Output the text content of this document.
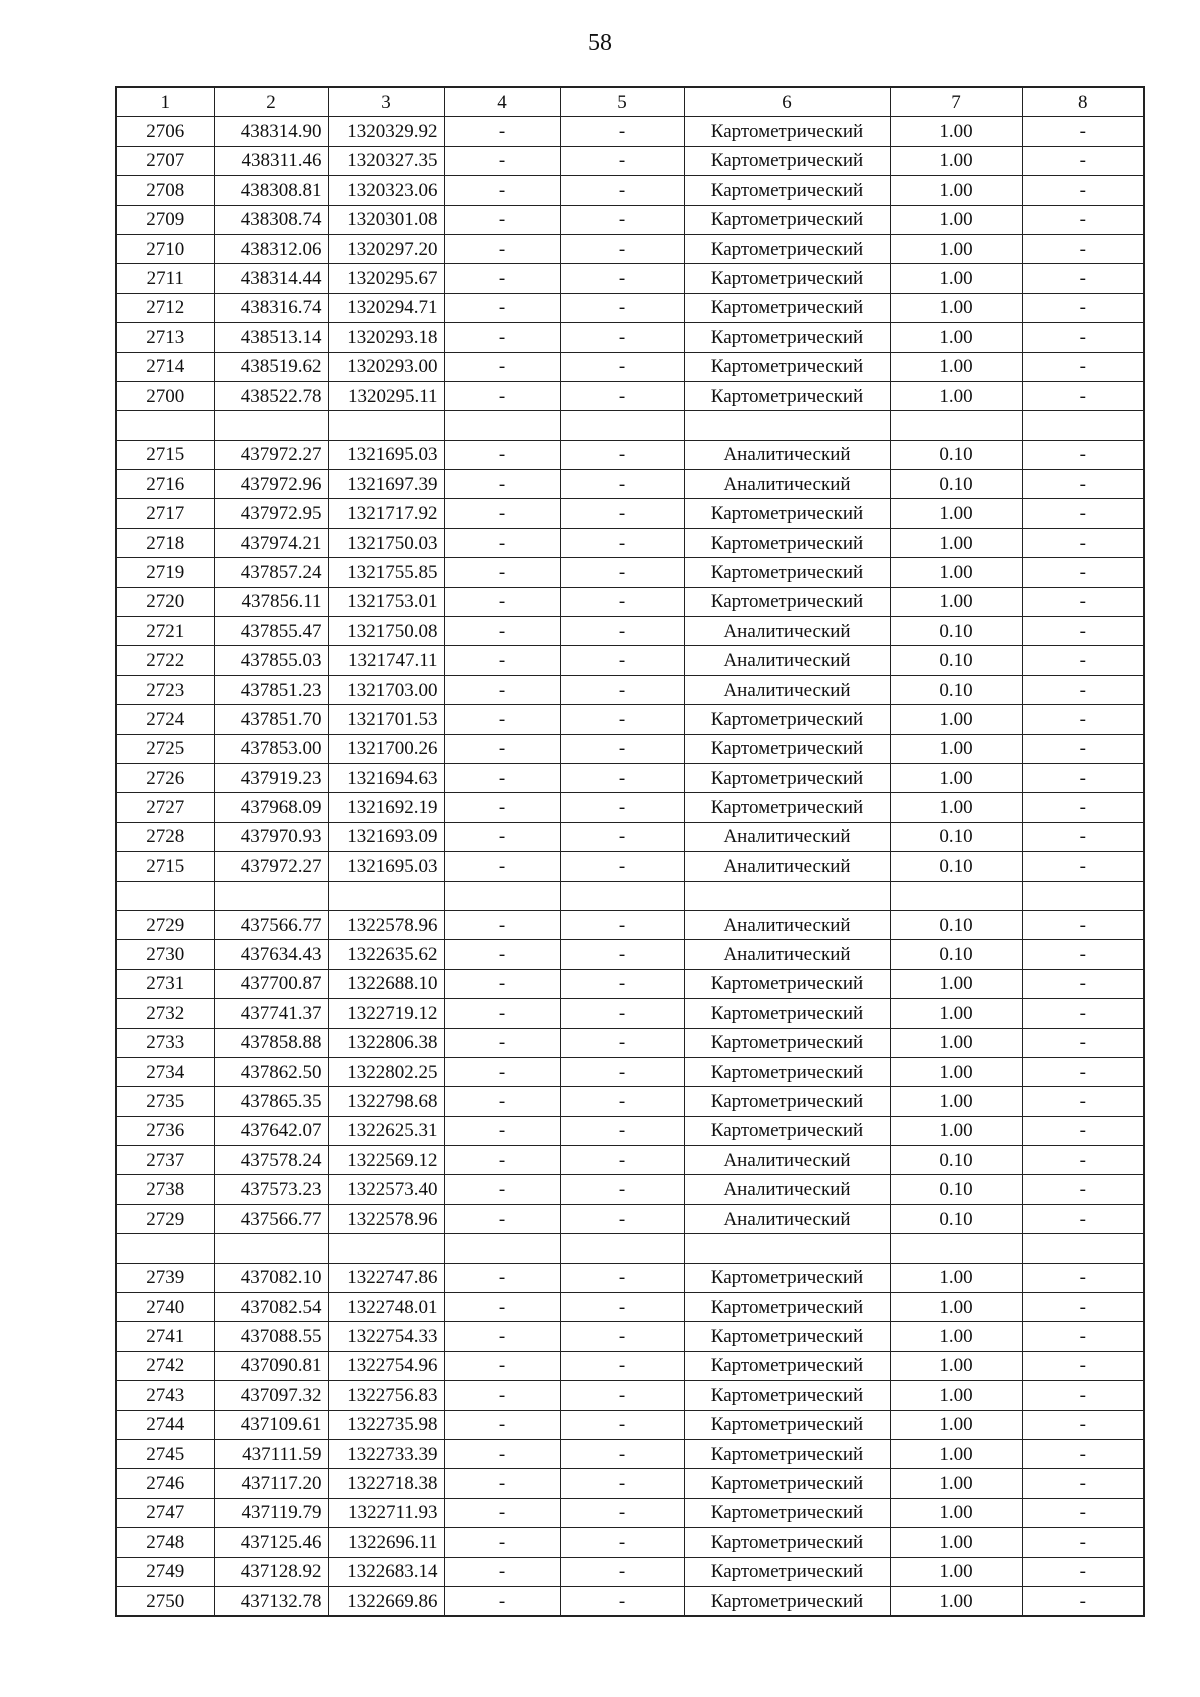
58
1	2	3	4	5	6	7	8
2706	438314.90	1320329.92	-	-	Картометрический	1.00	-
2707	438311.46	1320327.35	-	-	Картометрический	1.00	-
2708	438308.81	1320323.06	-	-	Картометрический	1.00	-
2709	438308.74	1320301.08	-	-	Картометрический	1.00	-
2710	438312.06	1320297.20	-	-	Картометрический	1.00	-
2711	438314.44	1320295.67	-	-	Картометрический	1.00	-
2712	438316.74	1320294.71	-	-	Картометрический	1.00	-
2713	438513.14	1320293.18	-	-	Картометрический	1.00	-
2714	438519.62	1320293.00	-	-	Картометрический	1.00	-
2700	438522.78	1320295.11	-	-	Картометрический	1.00	-

2715	437972.27	1321695.03	-	-	Аналитический	0.10	-
2716	437972.96	1321697.39	-	-	Аналитический	0.10	-
2717	437972.95	1321717.92	-	-	Картометрический	1.00	-
2718	437974.21	1321750.03	-	-	Картометрический	1.00	-
2719	437857.24	1321755.85	-	-	Картометрический	1.00	-
2720	437856.11	1321753.01	-	-	Картометрический	1.00	-
2721	437855.47	1321750.08	-	-	Аналитический	0.10	-
2722	437855.03	1321747.11	-	-	Аналитический	0.10	-
2723	437851.23	1321703.00	-	-	Аналитический	0.10	-
2724	437851.70	1321701.53	-	-	Картометрический	1.00	-
2725	437853.00	1321700.26	-	-	Картометрический	1.00	-
2726	437919.23	1321694.63	-	-	Картометрический	1.00	-
2727	437968.09	1321692.19	-	-	Картометрический	1.00	-
2728	437970.93	1321693.09	-	-	Аналитический	0.10	-
2715	437972.27	1321695.03	-	-	Аналитический	0.10	-

2729	437566.77	1322578.96	-	-	Аналитический	0.10	-
2730	437634.43	1322635.62	-	-	Аналитический	0.10	-
2731	437700.87	1322688.10	-	-	Картометрический	1.00	-
2732	437741.37	1322719.12	-	-	Картометрический	1.00	-
2733	437858.88	1322806.38	-	-	Картометрический	1.00	-
2734	437862.50	1322802.25	-	-	Картометрический	1.00	-
2735	437865.35	1322798.68	-	-	Картометрический	1.00	-
2736	437642.07	1322625.31	-	-	Картометрический	1.00	-
2737	437578.24	1322569.12	-	-	Аналитический	0.10	-
2738	437573.23	1322573.40	-	-	Аналитический	0.10	-
2729	437566.77	1322578.96	-	-	Аналитический	0.10	-

2739	437082.10	1322747.86	-	-	Картометрический	1.00	-
2740	437082.54	1322748.01	-	-	Картометрический	1.00	-
2741	437088.55	1322754.33	-	-	Картометрический	1.00	-
2742	437090.81	1322754.96	-	-	Картометрический	1.00	-
2743	437097.32	1322756.83	-	-	Картометрический	1.00	-
2744	437109.61	1322735.98	-	-	Картометрический	1.00	-
2745	437111.59	1322733.39	-	-	Картометрический	1.00	-
2746	437117.20	1322718.38	-	-	Картометрический	1.00	-
2747	437119.79	1322711.93	-	-	Картометрический	1.00	-
2748	437125.46	1322696.11	-	-	Картометрический	1.00	-
2749	437128.92	1322683.14	-	-	Картометрический	1.00	-
2750	437132.78	1322669.86	-	-	Картометрический	1.00	-
